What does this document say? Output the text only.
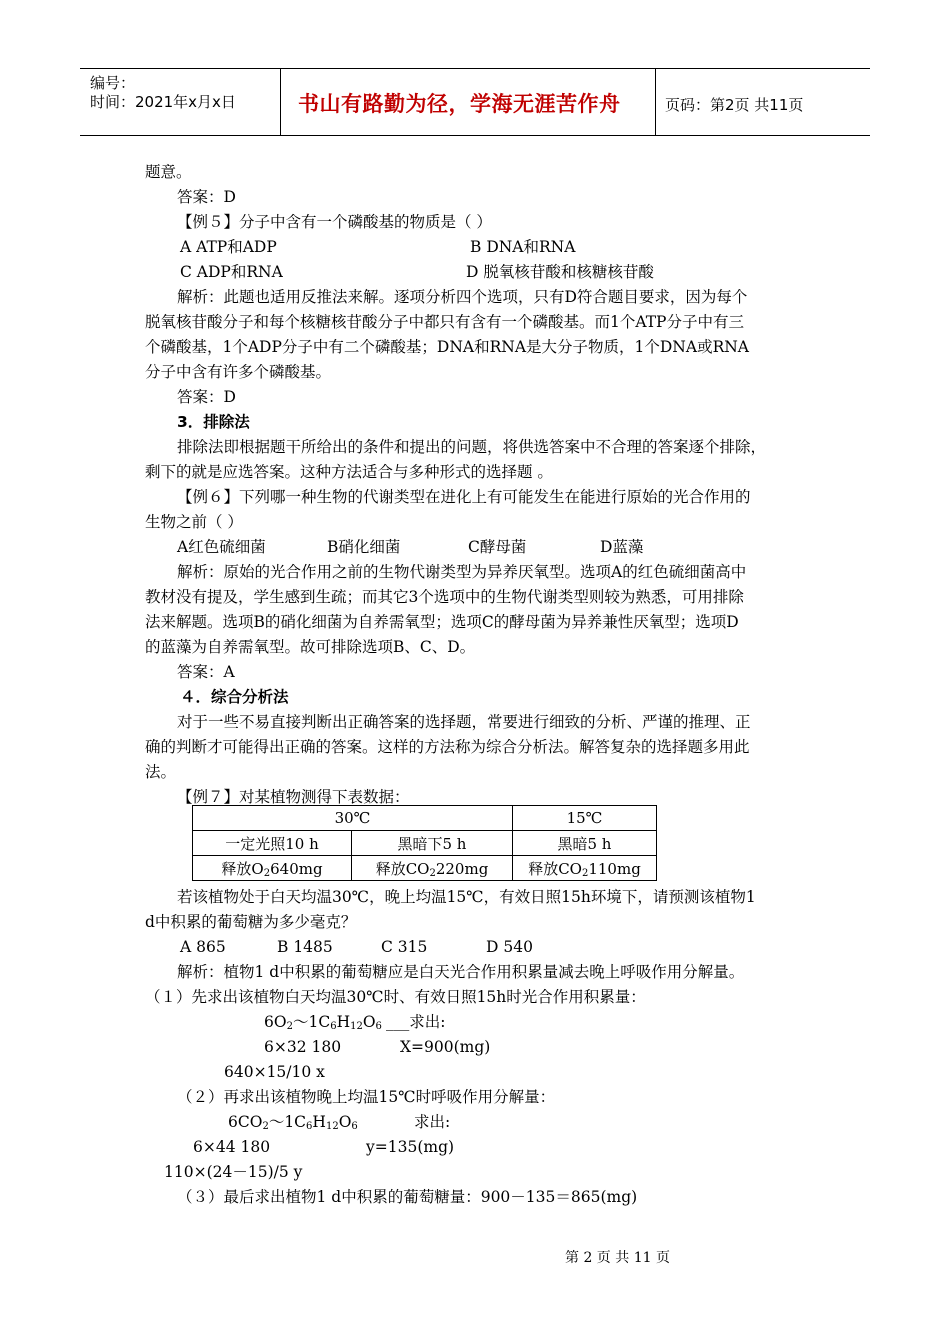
编号：
时间：2021年x月x日	书山有路勤为径，学海无涯苦作舟	页码：第2页 共11页
题意。
答案：D
【例５】分子中含有一个磷酸基的物质是（ ）
A ATP和ADP	B DNA和RNA
C ADP和RNA	D 脱氧核苷酸和核糖核苷酸
解析：此题也适用反推法来解。逐项分析四个选项，只有D符合题目要求，因为每个
脱氧核苷酸分子和每个核糖核苷酸分子中都只有含有一个磷酸基。而1个ATP分子中有三
个磷酸基，1个ADP分子中有二个磷酸基；DNA和RNA是大分子物质，1个DNA或RNA
分子中含有许多个磷酸基。
答案：D
3．排除法
排除法即根据题干所给出的条件和提出的问题，将供选答案中不合理的答案逐个排除，
剩下的就是应选答案。这种方法适合与多种形式的选择题 。
【例６】下列哪一种生物的代谢类型在进化上有可能发生在能进行原始的光合作用的
生物之前（ ）
A红色硫细菌	B硝化细菌	C酵母菌	D蓝藻
解析：原始的光合作用之前的生物代谢类型为异养厌氧型。选项A的红色硫细菌高中
教材没有提及，学生感到生疏；而其它3个选项中的生物代谢类型则较为熟悉，可用排除
法来解题。选项B的硝化细菌为自养需氧型；选项C的酵母菌为异养兼性厌氧型；选项D
的蓝藻为自养需氧型。故可排除选项B、C、D。
答案：A
４．综合分析法
对于一些不易直接判断出正确答案的选择题，常要进行细致的分析、严谨的推理、正
确的判断才可能得出正确的答案。这样的方法称为综合分析法。解答复杂的选择题多用此
法。
【例７】对某植物测得下表数据：
30℃		15℃
一定光照10 h	黑暗下5 h	黑暗5 h
释放$O_2640mg$	释放$CO_2220mg$	释放$CO_2110mg$
若该植物处于白天均温30℃，晚上均温15℃，有效日照15h环境下，请预测该植物1
d中积累的葡萄糖为多少毫克？
A 865	B 1485	C 315	D 540
解析：植物1 d中积累的葡萄糖应是白天光合作用积累量减去晚上呼吸作用分解量。
（１）先求出该植物白天均温30℃时、有效日照15h时光合作用积累量：
$6O_2\sim 1C_6H_{12}O_6$ ___求出:
6×32 180	X=900(mg)
640×15/10 x
（２）再求出该植物晚上均温15℃时呼吸作用分解量：
$6CO_2\sim 1C_6H_{12}O_6$	求出:
6×44 180	y=135(mg)
110×(24－15)/5 y
（３）最后求出植物1 d中积累的葡萄糖量：900－135＝865(mg)
第 2 页 共 11 页
